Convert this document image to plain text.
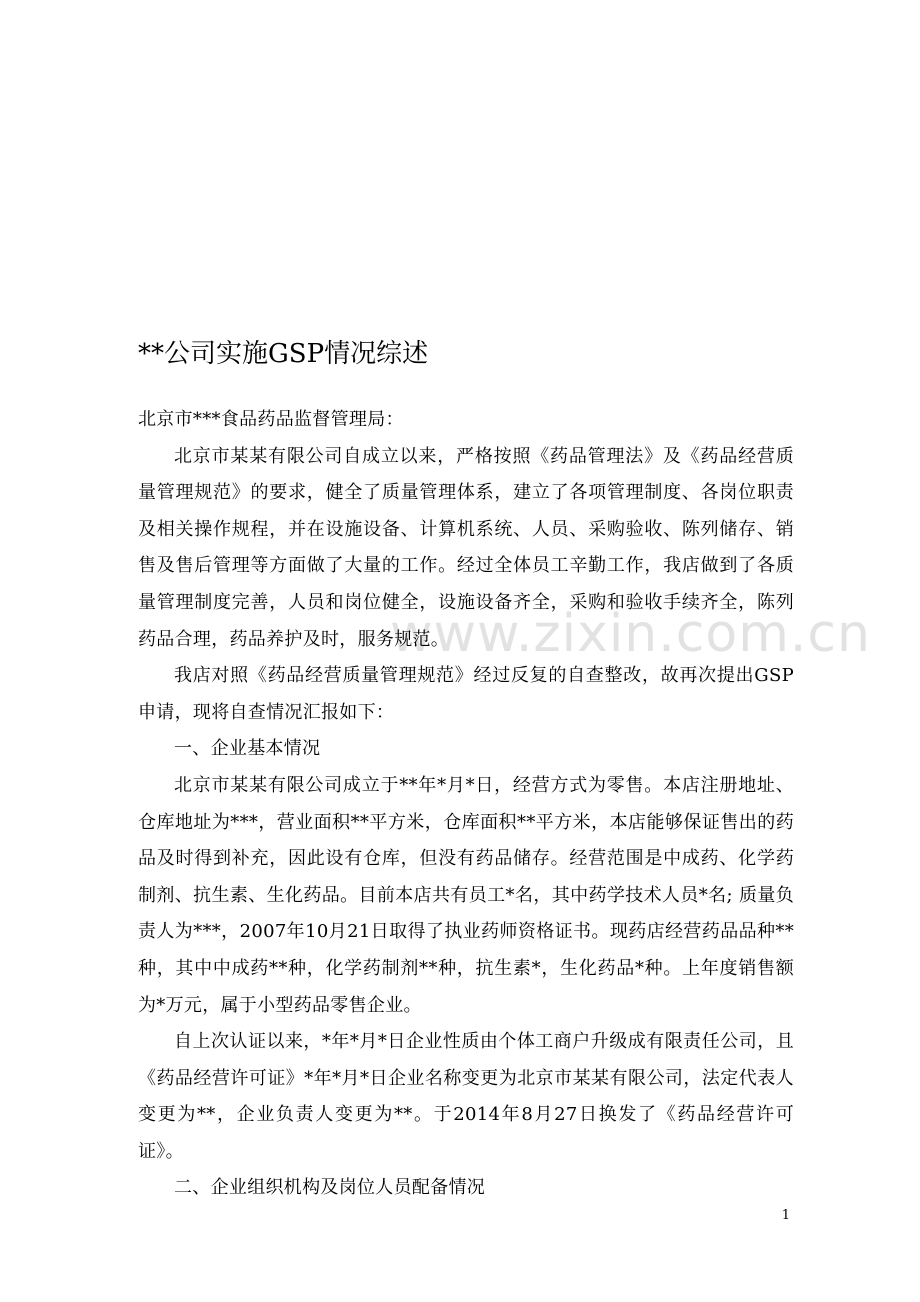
www.zixin.com.cn
**公司实施GSP情况综述

北京市***食品药品监督管理局：

北京市某某有限公司自成立以来，严格按照《药品管理法》及《药品经营质量管理规范》的要求，健全了质量管理体系，建立了各项管理制度、各岗位职责及相关操作规程，并在设施设备、计算机系统、人员、采购验收、陈列储存、销售及售后管理等方面做了大量的工作。经过全体员工辛勤工作，我店做到了各质量管理制度完善，人员和岗位健全，设施设备齐全，采购和验收手续齐全，陈列药品合理，药品养护及时，服务规范。

我店对照《药品经营质量管理规范》经过反复的自查整改，故再次提出GSP申请，现将自查情况汇报如下：

一、企业基本情况

北京市某某有限公司成立于**年*月*日，经营方式为零售。本店注册地址、仓库地址为***，营业面积**平方米，仓库面积**平方米，本店能够保证售出的药品及时得到补充，因此设有仓库，但没有药品储存。经营范围是中成药、化学药制剂、抗生素、生化药品。目前本店共有员工*名，其中药学技术人员*名; 质量负责人为***，2007年10月21日取得了执业药师资格证书。现药店经营药品品种**种，其中中成药**种，化学药制剂**种，抗生素*，生化药品*种。上年度销售额为*万元，属于小型药品零售企业。

自上次认证以来，*年*月*日企业性质由个体工商户升级成有限责任公司，且《药品经营许可证》*年*月*日企业名称变更为北京市某某有限公司，法定代表人变更为**，企业负责人变更为**。于2014年8月27日换发了《药品经营许可证》。

二、企业组织机构及岗位人员配备情况

1
